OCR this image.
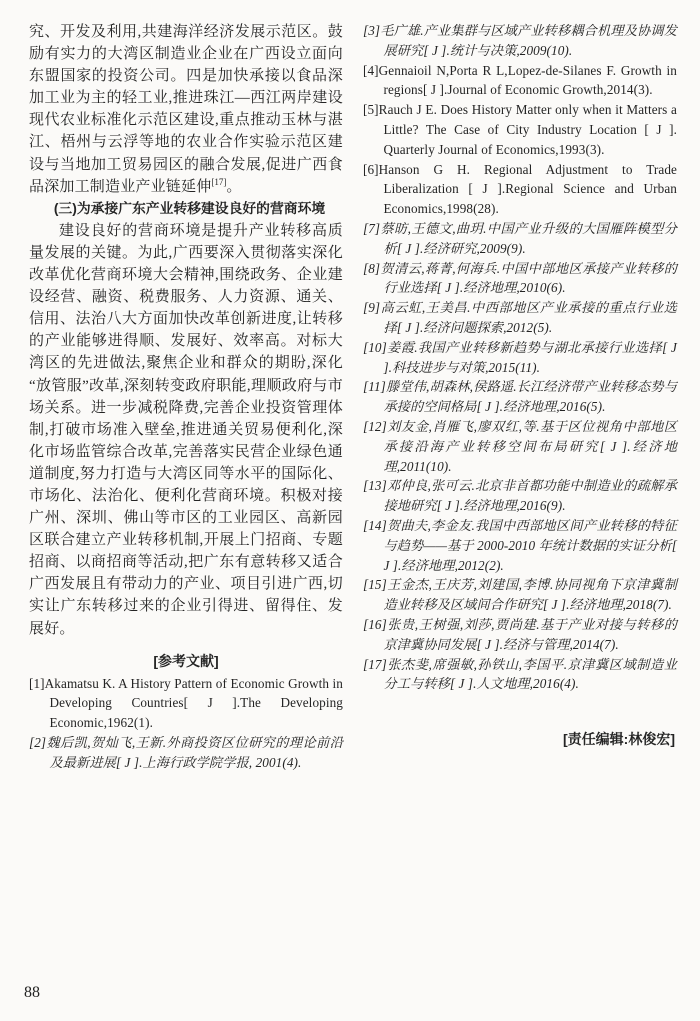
究、开发及利用,共建海洋经济发展示范区。鼓励有实力的大湾区制造业企业在广西设立面向东盟国家的投资公司。四是加快承接以食品深加工业为主的轻工业,推进珠江—西江两岸建设现代农业标准化示范区建设,重点推动玉林与湛江、梧州与云浮等地的农业合作实验示范区建设与当地加工贸易园区的融合发展,促进广西食品深加工制造业产业链延伸[17]。

(三)为承接广东产业转移建设良好的营商环境

建设良好的营商环境是提升产业转移高质量发展的关键。为此,广西要深入贯彻落实深化改革优化营商环境大会精神,围绕政务、企业建设经营、融资、税费服务、人力资源、通关、信用、法治八大方面加快改革创新进度,让转移的产业能够进得顺、发展好、效率高。对标大湾区的先进做法,聚焦企业和群众的期盼,深化“放管服”改革,深刻转变政府职能,理顺政府与市场关系。进一步减税降费,完善企业投资管理体制,打破市场准入壁垒,推进通关贸易便利化,深化市场监管综合改革,完善落实民营企业绿色通道制度,努力打造与大湾区同等水平的国际化、市场化、法治化、便利化营商环境。积极对接广州、深圳、佛山等市区的工业园区、高新园区联合建立产业转移机制,开展上门招商、专题招商、以商招商等活动,把广东有意转移又适合广西发展且有带动力的产业、项目引进广西,切实让广东转移过来的企业引得进、留得住、发展好。

[参考文献]

[1]Akamatsu K. A History Pattern of Economic Growth in Developing Countries[ J ].The Developing Economic,1962(1).

[2]魏后凯,贺灿飞,王新.外商投资区位研究的理论前沿及最新进展[ J ].上海行政学院学报, 2001(4).

[3]毛广雄.产业集群与区域产业转移耦合机理及协调发展研究[ J ].统计与决策,2009(10).

[4]Gennaioil N,Porta R L,Lopez-de-Silanes F. Growth in regions[ J ].Journal of Economic Growth,2014(3).

[5]Rauch J E. Does History Matter only when it Matters a Little? The Case of City Industry Location [ J ]. Quarterly Journal of Economics,1993(3).

[6]Hanson G H. Regional Adjustment to Trade Liberalization [ J ].Regional Science and Urban Economics,1998(28).

[7]蔡昉,王德文,曲玥.中国产业升级的大国雁阵模型分析[ J ].经济研究,2009(9).

[8]贺清云,蒋菁,何海兵.中国中部地区承接产业转移的行业选择[ J ].经济地理,2010(6).

[9]高云虹,王美昌.中西部地区产业承接的重点行业选择[ J ].经济问题探索,2012(5).

[10]姜霞.我国产业转移新趋势与湖北承接行业选择[ J ].科技进步与对策,2015(11).

[11]滕堂伟,胡森林,侯路遥.长江经济带产业转移态势与承接的空间格局[ J ].经济地理,2016(5).

[12]刘友金,肖雁飞,廖双红,等.基于区位视角中部地区承接沿海产业转移空间布局研究[ J ].经济地理,2011(10).

[13]邓仲良,张可云.北京非首都功能中制造业的疏解承接地研究[ J ].经济地理,2016(9).

[14]贺曲夫,李金友.我国中西部地区间产业转移的特征与趋势——基于 2000-2010 年统计数据的实证分析[ J ].经济地理,2012(2).

[15]王金杰,王庆芳,刘建国,李博.协同视角下京津冀制造业转移及区域间合作研究[ J ].经济地理,2018(7).

[16]张贵,王树强,刘莎,贾尚建.基于产业对接与转移的京津冀协同发展[ J ].经济与管理,2014(7).

[17]张杰斐,席强敏,孙铁山,李国平.京津冀区域制造业分工与转移[ J ].人文地理,2016(4).

[责任编辑:林俊宏]
88
